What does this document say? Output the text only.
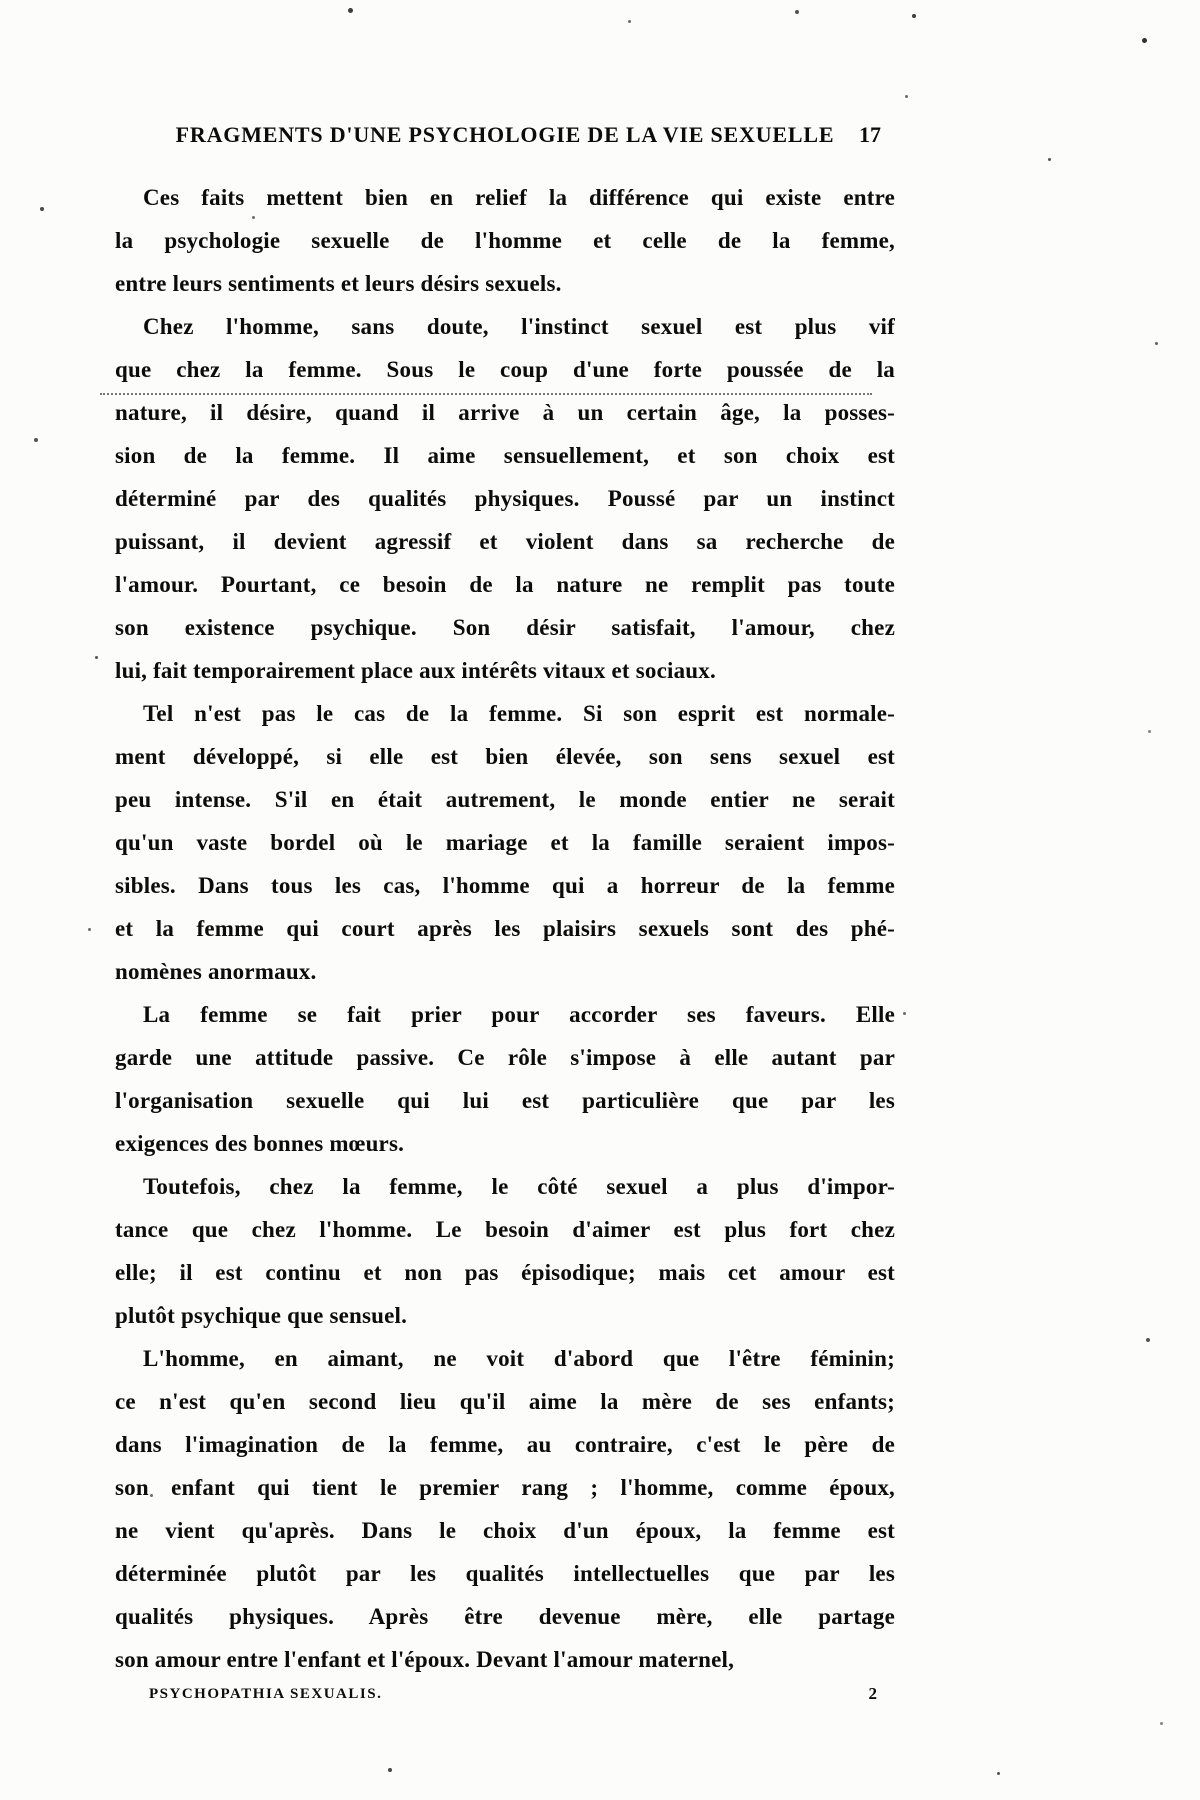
FRAGMENTS D'UNE PSYCHOLOGIE DE LA VIE SEXUELLE	17
Ces faits mettent bien en relief la différence qui existe entre
la psychologie sexuelle de l'homme et celle de la femme,
entre leurs sentiments et leurs désirs sexuels.
Chez l'homme, sans doute, l'instinct sexuel est plus vif
que chez la femme. Sous le coup d'une forte poussée de la
nature, il désire, quand il arrive à un certain âge, la posses-
sion de la femme. Il aime sensuellement, et son choix est
déterminé par des qualités physiques. Poussé par un instinct
puissant, il devient agressif et violent dans sa recherche de
l'amour. Pourtant, ce besoin de la nature ne remplit pas toute
son existence psychique. Son désir satisfait, l'amour, chez
lui, fait temporairement place aux intérêts vitaux et sociaux.
Tel n'est pas le cas de la femme. Si son esprit est normale-
ment développé, si elle est bien élevée, son sens sexuel est
peu intense. S'il en était autrement, le monde entier ne serait
qu'un vaste bordel où le mariage et la famille seraient impos-
sibles. Dans tous les cas, l'homme qui a horreur de la femme
et la femme qui court après les plaisirs sexuels sont des phé-
nomènes anormaux.
La femme se fait prier pour accorder ses faveurs. Elle
garde une attitude passive. Ce rôle s'impose à elle autant par
l'organisation sexuelle qui lui est particulière que par les
exigences des bonnes mœurs.
Toutefois, chez la femme, le côté sexuel a plus d'impor-
tance que chez l'homme. Le besoin d'aimer est plus fort chez
elle; il est continu et non pas épisodique; mais cet amour est
plutôt psychique que sensuel.
L'homme, en aimant, ne voit d'abord que l'être féminin;
ce n'est qu'en second lieu qu'il aime la mère de ses enfants;
dans l'imagination de la femme, au contraire, c'est le père de
son enfant qui tient le premier rang ; l'homme, comme époux,
ne vient qu'après. Dans le choix d'un époux, la femme est
déterminée plutôt par les qualités intellectuelles que par les
qualités physiques. Après être devenue mère, elle partage
son amour entre l'enfant et l'époux. Devant l'amour maternel,
PSYCHOPATHIA SEXUALIS.	2
